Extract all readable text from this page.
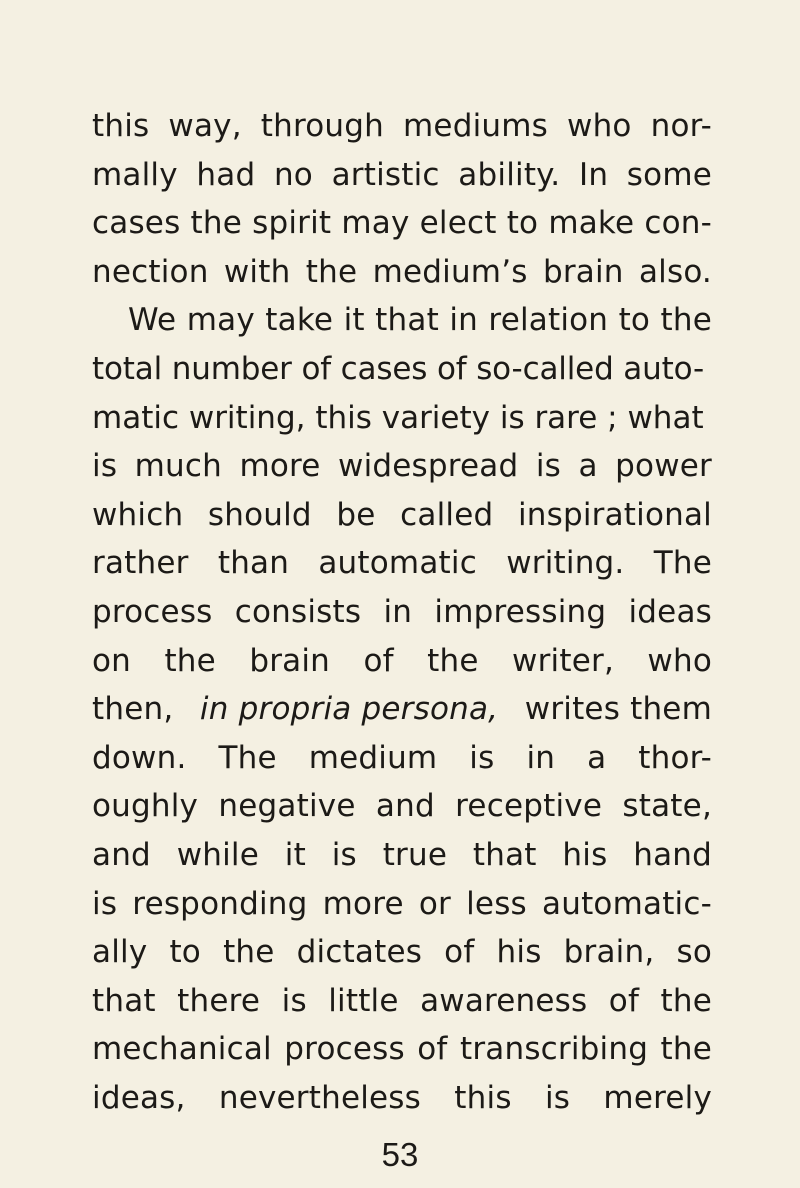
this way, through mediums who nor-
mally had no artistic ability. In some
cases the spirit may elect to make con-
nection with the medium’s brain also.
We may take it that in relation to the
total number of cases of so-called auto-
matic writing, this variety is rare ; what
is much more widespread is a power
which should be called inspirational
rather than automatic writing. The
process consists in impressing ideas
on the brain of the writer, who
then, in propria persona, writes them
down. The medium is in a thor-
oughly negative and receptive state,
and while it is true that his hand
is responding more or less automatic-
ally to the dictates of his brain, so
that there is little awareness of the
mechanical process of transcribing the
ideas, nevertheless this is merely
53
